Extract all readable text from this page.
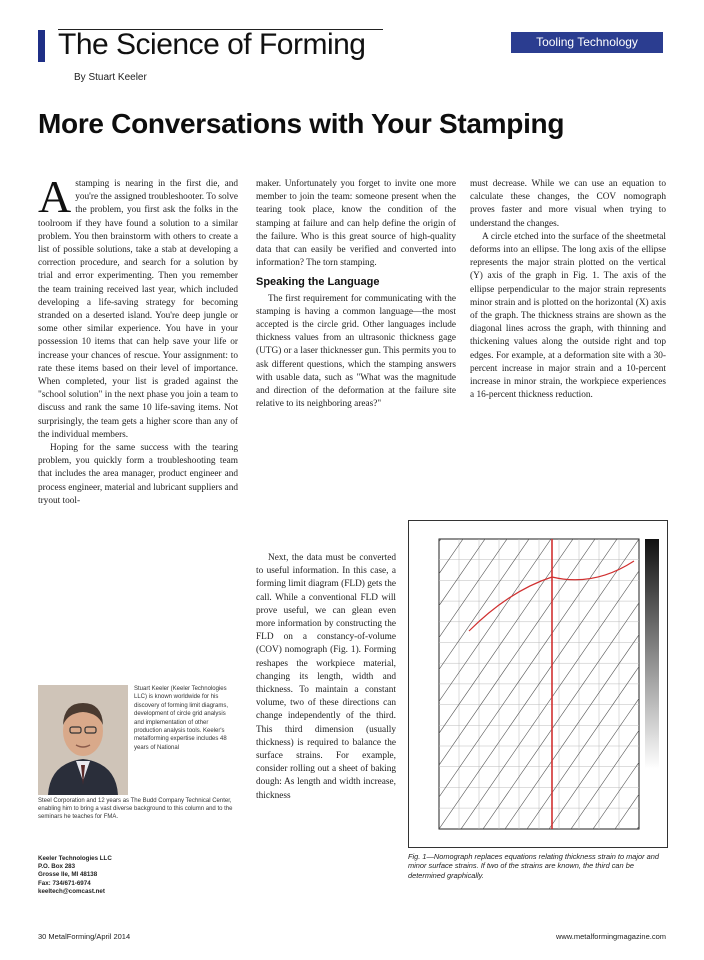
The Science of Forming
By Stuart Keeler
Tooling Technology
More Conversations with Your Stamping

Astamping is nearing in the first die, and you're the assigned troubleshooter. To solve the problem, you first ask the folks in the toolroom if they have found a solution to a similar problem. You then brainstorm with others to create a list of possible solutions, take a stab at developing a correction procedure, and search for a solution by trial and error experimenting. Then you remember the team training received last year, which included developing a life-saving strategy for becoming stranded on a deserted island. You're deep jungle or some other similar experience. You have in your possession 10 items that can help save your life or increase your chances of rescue. Your assignment: to rate these items based on their level of importance. When completed, your list is graded against the "school solution" in the next phase you join a team to discuss and rank the same 10 life-saving items. Not surprisingly, the team gets a higher score than any of the individual members.

Hoping for the same success with the tearing problem, you quickly form a troubleshooting team that includes the area manager, product engineer and process engineer, material and lubricant suppliers and tryout tool-

maker. Unfortunately you forget to invite one more member to join the team: someone present when the tearing took place, know the condition of the stamping at failure and can help define the origin of the failure. Who is this great source of high-quality data that can easily be verified and converted into information? The torn stamping.

Speaking the Language

The first requirement for communicating with the stamping is having a common language—the most accepted is the circle grid. Other languages include thickness values from an ultrasonic thickness gage (UTG) or a laser thicknesser gun. This permits you to ask different questions, which the stamping answers with usable data, such as "What was the magnitude and direction of the deformation at the failure site relative to its neighboring areas?"

Next, the data must be converted to useful information. In this case, a forming limit diagram (FLD) gets the call. While a conventional FLD will prove useful, we can glean even more information by constructing the FLD on a constancy-of-volume (COV) nomograph (Fig. 1). Forming reshapes the workpiece material, changing its length, width and thickness. To maintain a constant volume, two of these directions can change independently of the third. This third dimension (usually thickness) is required to balance the surface strains. For example, consider rolling out a sheet of baking dough: As length and width increase, thickness

must decrease. While we can use an equation to calculate these changes, the COV nomograph proves faster and more visual when trying to understand the changes.

A circle etched into the surface of the sheetmetal deforms into an ellipse. The long axis of the ellipse represents the major strain plotted on the vertical (Y) axis of the graph in Fig. 1. The axis of the ellipse perpendicular to the major strain represents minor strain and is plotted on the horizontal (X) axis of the graph. The thickness strains are shown as the diagonal lines across the graph, with thinning and thickening values along the outside right and top edges. For example, at a deformation site with a 30-percent increase in major strain and a 10-percent increase in minor strain, the workpiece experiences a 16-percent thickness reduction.

Stuart Keeler (Keeler Technologies LLC) is known worldwide for his discovery of forming limit diagrams, development of circle grid analysis and implementation of other production analysis tools. Keeler's metalforming expertise includes 48 years of National
Steel Corporation and 12 years as The Budd Company Technical Center, enabling him to bring a vast diverse background to this column and to the seminars he teaches for FMA.
Keeler Technologies LLC
P.O. Box 283
Grosse Ile, MI 48138
Fax: 734/671-6974
keeltech@comcast.net
Fig. 1—Nomograph replaces equations relating thickness strain to major and minor surface strains. If two of the strains are known, the third can be determined graphically.
30 MetalForming/April 2014	www.metalformingmagazine.com
